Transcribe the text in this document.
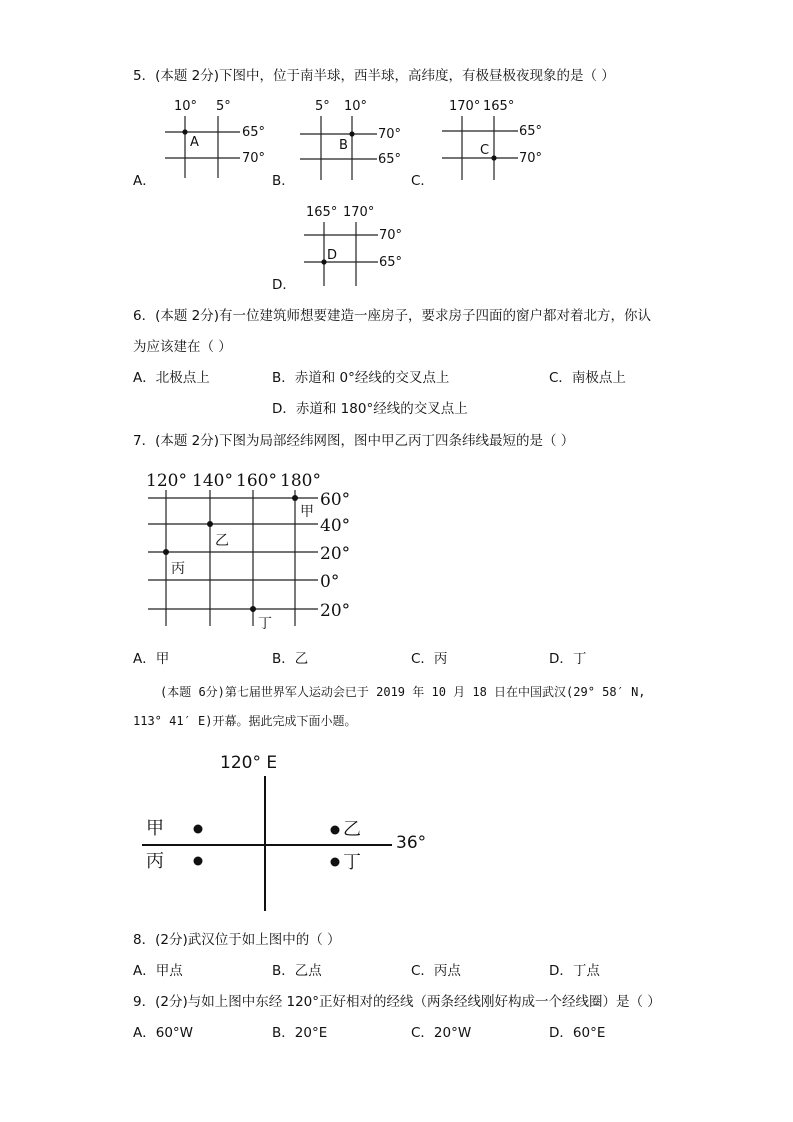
5．(本题 2分)下图中，位于南半球，西半球，高纬度，有极昼极夜现象的是（ ）
10° 5°
65°
70°
A
A．
5° 10°
70°
65°
B
B．
170° 165°
65°
70°
C
C．
165° 170°
70°
65°
D
D．
6．(本题 2分)有一位建筑师想要建造一座房子，要求房子四面的窗户都对着北方，你认
为应该建在（ ）
A．北极点上	B．赤道和 0°经线的交叉点上	C．南极点上
D．赤道和 180°经线的交叉点上
7．(本题 2分)下图为局部经纬网图，图中甲乙丙丁四条纬线最短的是（ ）
120° 140° 160° 180°
60°
40°
20°
0°
20°
甲
乙
丙
丁
A．甲	B．乙	C．丙	D．丁
(本题 6分)第七届世界军人运动会已于 2019 年 10 月 18 日在中国武汉(29° 58′ N,
113° 41′ E)开幕。据此完成下面小题。
120° E
36°
甲	乙
丙	丁
8．(2分)武汉位于如上图中的（ ）
A．甲点	B．乙点	C．丙点	D．丁点
9．(2分)与如上图中东经 120°正好相对的经线（两条经线刚好构成一个经线圈）是（ ）
A．60°W	B．20°E	C．20°W	D．60°E
